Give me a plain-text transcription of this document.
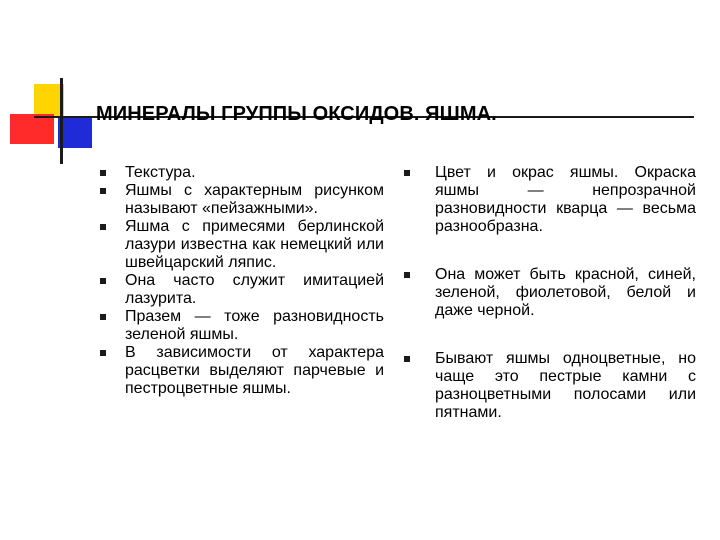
МИНЕРАЛЫ ГРУППЫ ОКСИДОВ. ЯШМА.
Текстура.
Яшмы с характерным рисунком называют «пейзажными».
Яшма с примесями берлинской лазури известна как немецкий или швейцарский ляпис.
Она часто служит имитацией лазурита.
Празем — тоже разновидность зеленой яшмы.
В зависимости от характера расцветки выделяют парчевые и пестроцветные яшмы.
Цвет и окрас яшмы. Окраска яшмы — непрозрачной разновидности кварца — весьма разнообразна.
Она может быть красной, синей, зеленой, фиолетовой, белой и даже черной.
Бывают яшмы одноцветные, но чаще это пестрые камни с разноцветными полосами или пятнами.
